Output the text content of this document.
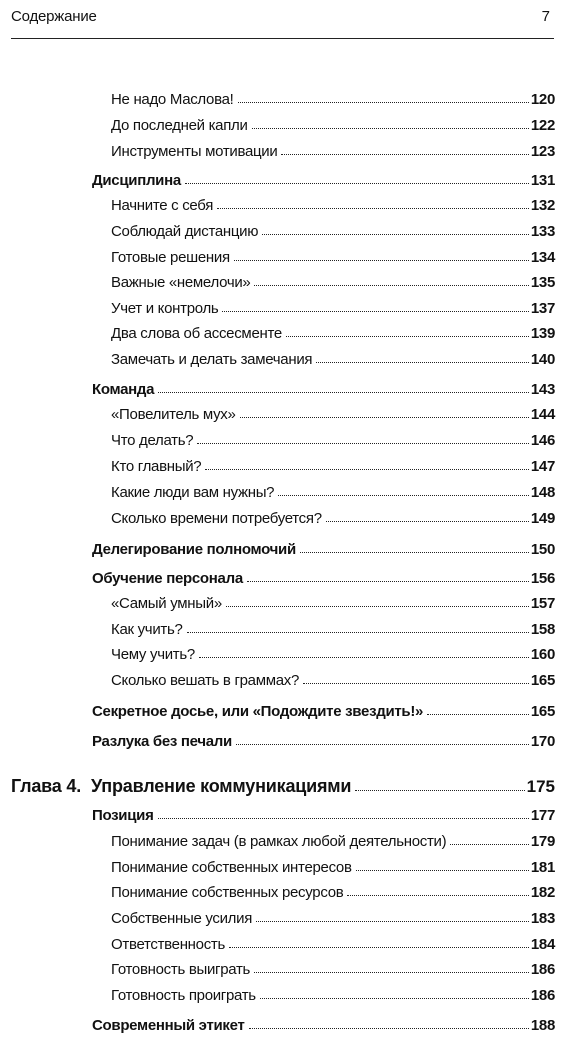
Содержание	7
Не надо Маслова!	120
До последней капли	122
Инструменты мотивации	123
Дисциплина	131
Начните с себя	132
Соблюдай дистанцию	133
Готовые решения	134
Важные «немелочи»	135
Учет и контроль	137
Два слова об ассесменте	139
Замечать и делать замечания	140
Команда	143
«Повелитель мух»	144
Что делать?	146
Кто главный?	147
Какие люди вам нужны?	148
Сколько времени потребуется?	149
Делегирование полномочий	150
Обучение персонала	156
«Самый умный»	157
Как учить?	158
Чему учить?	160
Сколько вешать в граммах?	165
Секретное досье, или «Подождите звездить!»	165
Разлука без печали	170
Глава 4. Управление коммуникациями	175
Позиция	177
Понимание задач (в рамках любой деятельности)	179
Понимание собственных интересов	181
Понимание собственных ресурсов	182
Собственные усилия	183
Ответственность	184
Готовность выиграть	186
Готовность проиграть	186
Современный этикет	188
